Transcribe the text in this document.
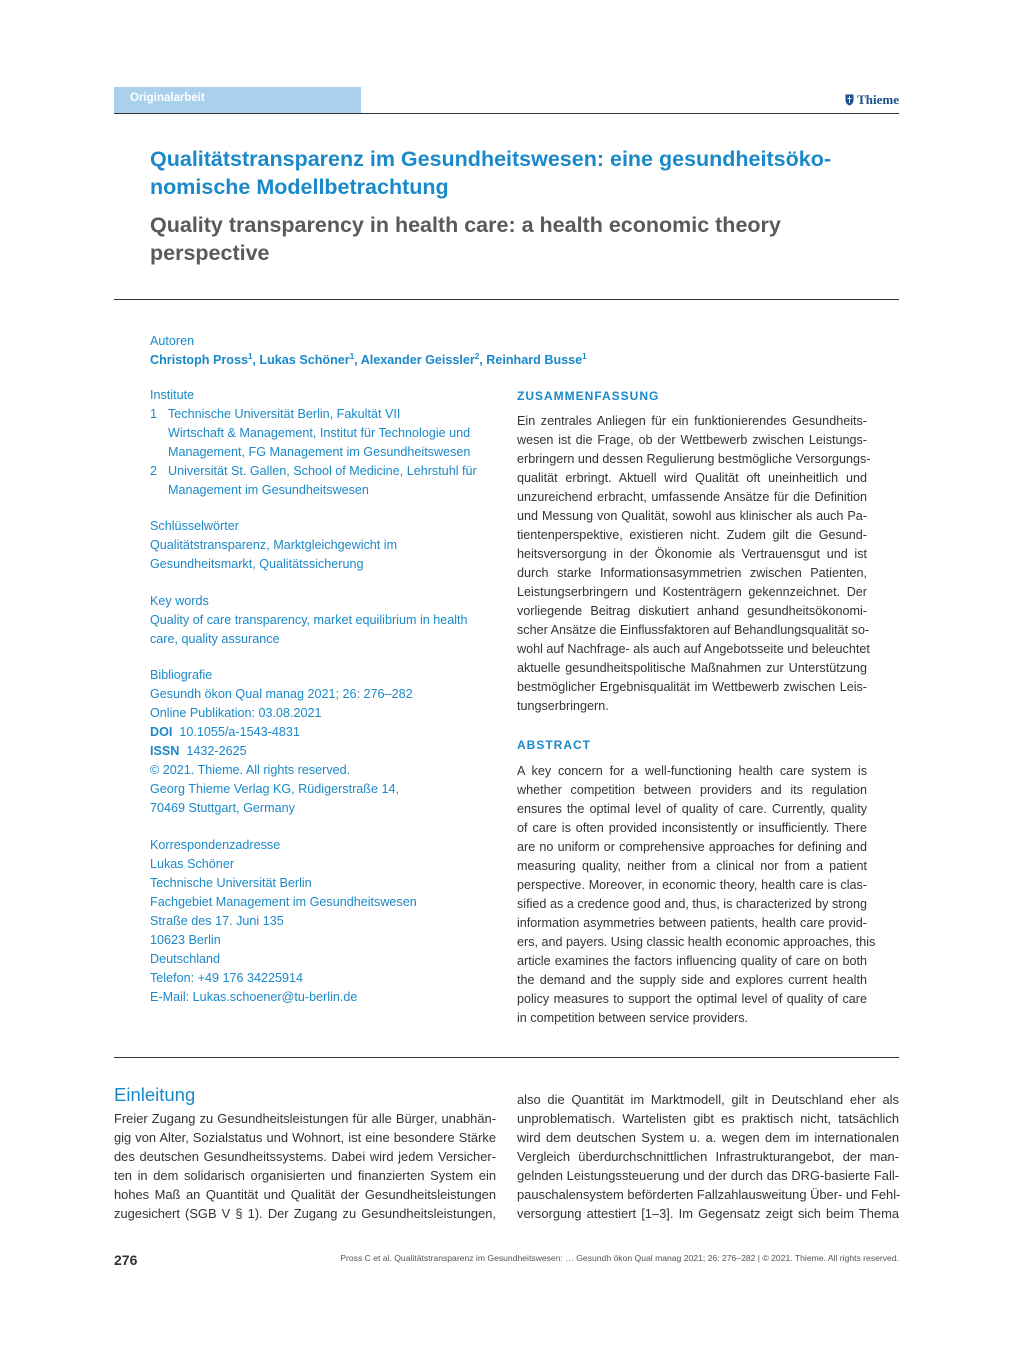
Originalarbeit	Thieme
Qualitätstransparenz im Gesundheitswesen: eine gesundheitsöko-
nomische Modellbetrachtung
Quality transparency in health care: a health economic theory
perspective
Autoren
Christoph Pross$^1$, Lukas Schöner$^1$, Alexander Geissler$^2$, Reinhard Busse$^1$
Institute
1 Technische Universität Berlin, Fakultät VII
Wirtschaft & Management, Institut für Technologie und
Management, FG Management im Gesundheitswesen
2 Universität St. Gallen, School of Medicine, Lehrstuhl für
Management im Gesundheitswesen
Schlüsselwörter
Qualitätstransparenz, Marktgleichgewicht im
Gesundheitsmarkt, Qualitätssicherung
Key words
Quality of care transparency, market equilibrium in health
care, quality assurance
Bibliografie
Gesundh ökon Qual manag 2021; 26: 276–282
Online Publikation: 03.08.2021
DOI 10.1055/a-1543-4831
ISSN 1432-2625
© 2021. Thieme. All rights reserved.
Georg Thieme Verlag KG, Rüdigerstraße 14,
70469 Stuttgart, Germany
Korrespondenzadresse
Lukas Schöner
Technische Universität Berlin
Fachgebiet Management im Gesundheitswesen
Straße des 17. Juni 135
10623 Berlin
Deutschland
Telefon: +49 176 34225914
E-Mail: Lukas.schoener@tu-berlin.de
ZUSAMMENFASSUNG
Ein zentrales Anliegen für ein funktionierendes Gesundheits-
wesen ist die Frage, ob der Wettbewerb zwischen Leistungs-
erbringern und dessen Regulierung bestmögliche Versorgungs-
qualität erbringt. Aktuell wird Qualität oft uneinheitlich und
unzureichend erbracht, umfassende Ansätze für die Definition
und Messung von Qualität, sowohl aus klinischer als auch Pa-
tientenperspektive, existieren nicht. Zudem gilt die Gesund-
heitsversorgung in der Ökonomie als Vertrauensgut und ist
durch starke Informationsasymmetrien zwischen Patienten,
Leistungserbringern und Kostenträgern gekennzeichnet. Der
vorliegende Beitrag diskutiert anhand gesundheitsökonomi-
scher Ansätze die Einflussfaktoren auf Behandlungsqualität so-
wohl auf Nachfrage- als auch auf Angebotsseite und beleuchtet
aktuelle gesundheitspolitische Maßnahmen zur Unterstützung
bestmöglicher Ergebnisqualität im Wettbewerb zwischen Leis-
tungserbringern.
ABSTRACT
A key concern for a well-functioning health care system is
whether competition between providers and its regulation
ensures the optimal level of quality of care. Currently, quality
of care is often provided inconsistently or insufficiently. There
are no uniform or comprehensive approaches for defining and
measuring quality, neither from a clinical nor from a patient
perspective. Moreover, in economic theory, health care is clas-
sified as a credence good and, thus, is characterized by strong
information asymmetries between patients, health care provid-
ers, and payers. Using classic health economic approaches, this
article examines the factors influencing quality of care on both
the demand and the supply side and explores current health
policy measures to support the optimal level of quality of care
in competition between service providers.
Einleitung
Freier Zugang zu Gesundheitsleistungen für alle Bürger, unabhän-
gig von Alter, Sozialstatus und Wohnort, ist eine besondere Stärke
des deutschen Gesundheitssystems. Dabei wird jedem Versicher-
ten in dem solidarisch organisierten und finanzierten System ein
hohes Maß an Quantität und Qualität der Gesundheitsleistungen
zugesichert (SGB V § 1). Der Zugang zu Gesundheitsleistungen,
also die Quantität im Marktmodell, gilt in Deutschland eher als
unproblematisch. Wartelisten gibt es praktisch nicht, tatsächlich
wird dem deutschen System u. a. wegen dem im internationalen
Vergleich überdurchschnittlichen Infrastrukturangebot, der man-
gelnden Leistungssteuerung und der durch das DRG-basierte Fall-
pauschalensystem beförderten Fallzahlausweitung Über- und Fehl-
versorgung attestiert [1–3]. Im Gegensatz zeigt sich beim Thema
276	Pross C et al. Qualitätstransparenz im Gesundheitswesen: … Gesundh ökon Qual manag 2021; 26: 276–282 | © 2021. Thieme. All rights reserved.
